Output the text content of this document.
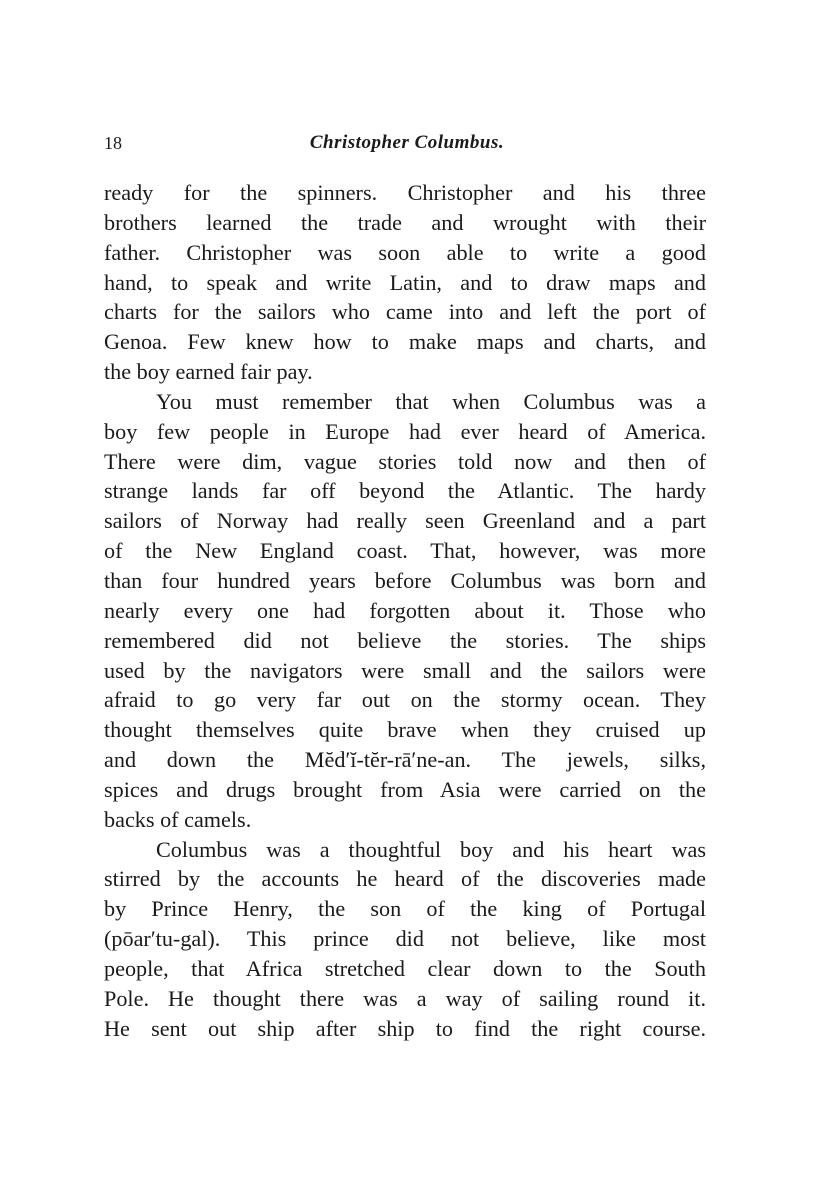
18	Christopher Columbus.
ready for the spinners. Christopher and his three
brothers learned the trade and wrought with their
father. Christopher was soon able to write a good
hand, to speak and write Latin, and to draw maps and
charts for the sailors who came into and left the port of
Genoa. Few knew how to make maps and charts, and
the boy earned fair pay.
You must remember that when Columbus was a
boy few people in Europe had ever heard of America.
There were dim, vague stories told now and then of
strange lands far off beyond the Atlantic. The hardy
sailors of Norway had really seen Greenland and a part
of the New England coast. That, however, was more
than four hundred years before Columbus was born and
nearly every one had forgotten about it. Those who
remembered did not believe the stories. The ships
used by the navigators were small and the sailors were
afraid to go very far out on the stormy ocean. They
thought themselves quite brave when they cruised up
and down the Mĕd′ĭ-tĕr-rā′ne-an. The jewels, silks,
spices and drugs brought from Asia were carried on the
backs of camels.
Columbus was a thoughtful boy and his heart was
stirred by the accounts he heard of the discoveries made
by Prince Henry, the son of the king of Portugal
(pōar′tu-gal). This prince did not believe, like most
people, that Africa stretched clear down to the South
Pole. He thought there was a way of sailing round it.
He sent out ship after ship to find the right course.
